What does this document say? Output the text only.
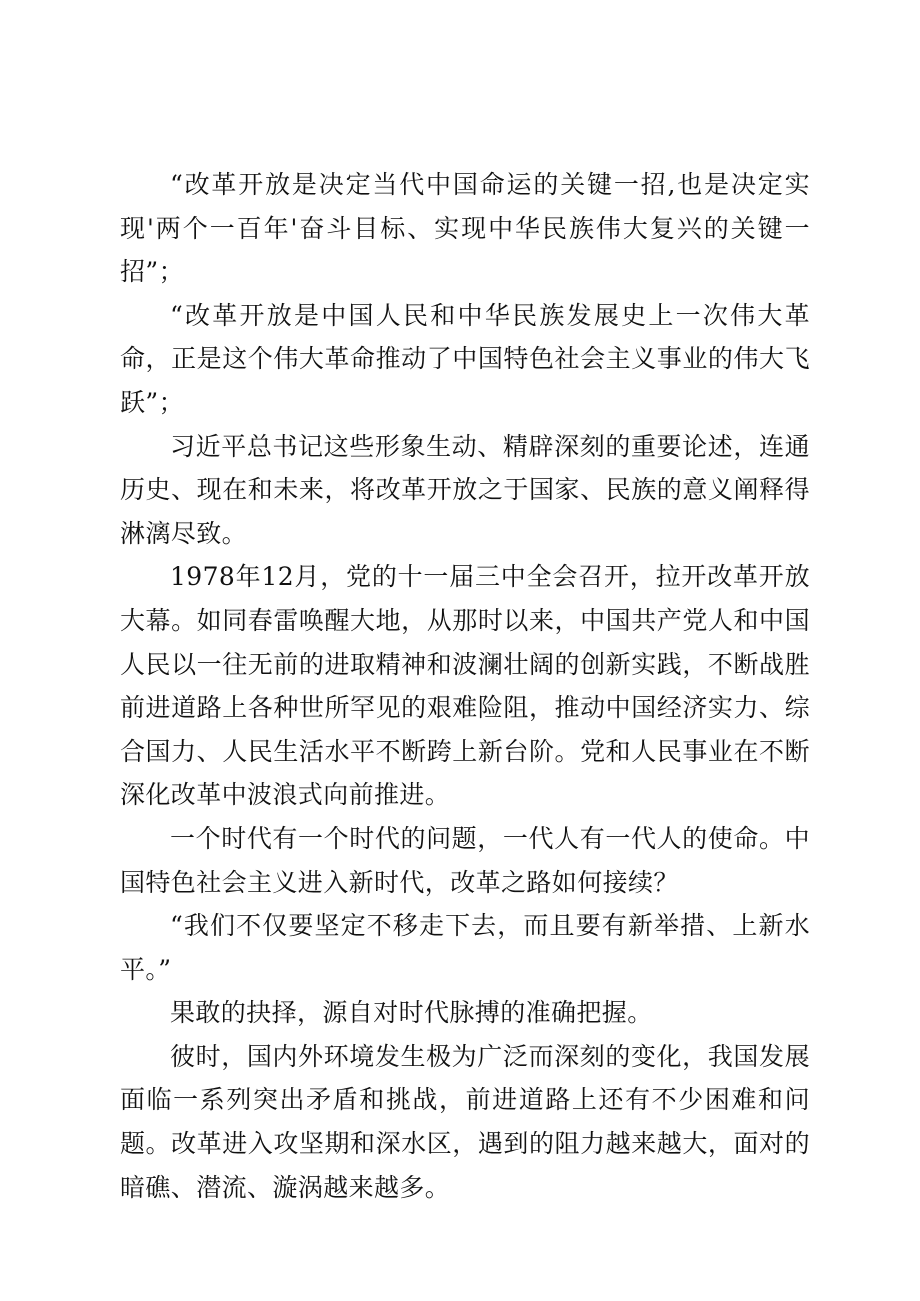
“改革开放是决定当代中国命运的关键一招,也是决定实现'两个一百年'奋斗目标、实现中华民族伟大复兴的关键一招”；

“改革开放是中国人民和中华民族发展史上一次伟大革命，正是这个伟大革命推动了中国特色社会主义事业的伟大飞跃”；

习近平总书记这些形象生动、精辟深刻的重要论述，连通历史、现在和未来，将改革开放之于国家、民族的意义阐释得淋漓尽致。

1978年12月，党的十一届三中全会召开，拉开改革开放大幕。如同春雷唤醒大地，从那时以来，中国共产党人和中国人民以一往无前的进取精神和波澜壮阔的创新实践，不断战胜前进道路上各种世所罕见的艰难险阻，推动中国经济实力、综合国力、人民生活水平不断跨上新台阶。党和人民事业在不断深化改革中波浪式向前推进。

一个时代有一个时代的问题，一代人有一代人的使命。中国特色社会主义进入新时代，改革之路如何接续？

“我们不仅要坚定不移走下去，而且要有新举措、上新水平。”

果敢的抉择，源自对时代脉搏的准确把握。

彼时，国内外环境发生极为广泛而深刻的变化，我国发展面临一系列突出矛盾和挑战，前进道路上还有不少困难和问题。改革进入攻坚期和深水区，遇到的阻力越来越大，面对的暗礁、潜流、漩涡越来越多。
